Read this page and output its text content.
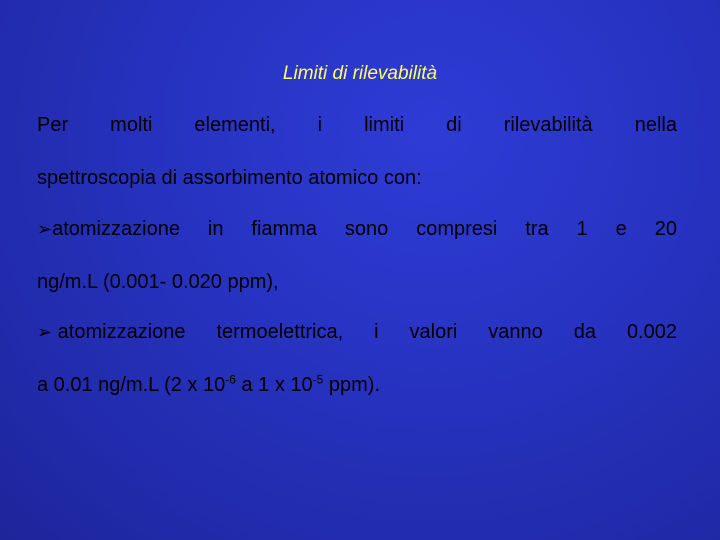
Limiti di rilevabilità
Per molti elementi, i limiti di rilevabilità nella
spettroscopia di assorbimento atomico con:
➢atomizzazione in fiamma sono compresi tra 1 e 20
ng/m.L (0.001- 0.020 ppm),
➢ atomizzazione termoelettrica, i valori vanno da 0.002
a 0.01 ng/m.L (2 x $10^{-6}$ a 1 x $10^{-5}$ ppm).
